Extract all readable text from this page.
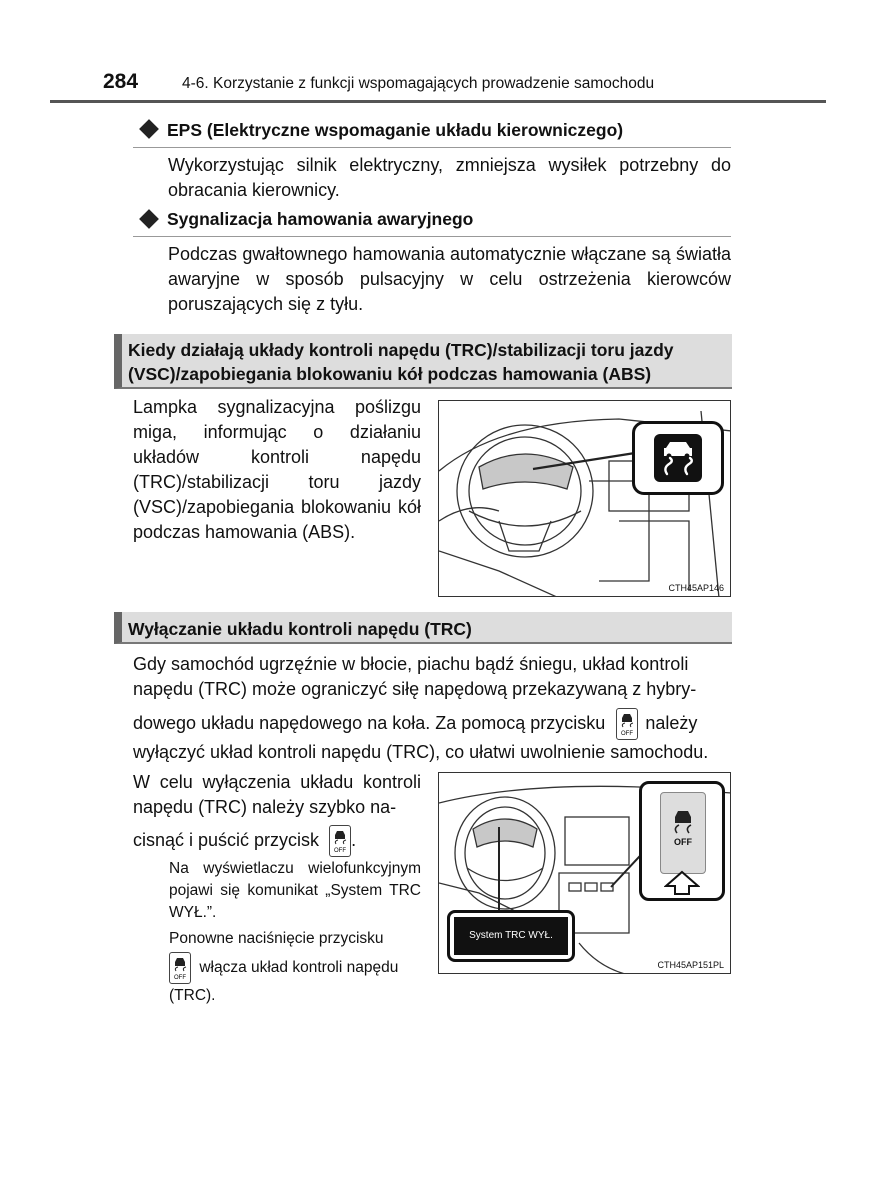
284	4-6. Korzystanie z funkcji wspomagających prowadzenie samochodu
EPS (Elektryczne wspomaganie układu kierowniczego)
Wykorzystując silnik elektryczny, zmniejsza wysiłek potrzebny do obracania kierownicy.
Sygnalizacja hamowania awaryjnego
Podczas gwałtownego hamowania automatycznie włączane są światła awaryjne w sposób pulsacyjny w celu ostrzeżenia kierowców poruszających się z tyłu.
Kiedy działają układy kontroli napędu (TRC)/stabilizacji toru jazdy
(VSC)/zapobiegania blokowaniu kół podczas hamowania (ABS)
Lampka sygnalizacyjna poślizgu miga, informując o działaniu układów kontroli napędu (TRC)/stabilizacji toru jazdy (VSC)/zapobiegania blokowaniu kół podczas hamowania (ABS).
CTH45AP146
Wyłączanie układu kontroli napędu (TRC)
Gdy samochód ugrzęźnie w błocie, piachu bądź śniegu, układ kontroli
napędu (TRC) może ograniczyć siłę napędową przekazywaną z hybry-
dowego układu napędowego na koła. Za pomocą przycisku
OFF
należy
wyłączyć układ kontroli napędu (TRC), co ułatwi uwolnienie samochodu.
W celu wyłączenia układu kontroli napędu (TRC) należy szybko na-
cisnąć i puścić przycisk
OFF
.
Na wyświetlaczu wielofunkcyjnym pojawi się komunikat „System TRC WYŁ.”.
Ponowne naciśnięcie przycisku
OFF
włącza układ kontroli napędu
(TRC).
OFF
System TRC WYŁ.
CTH45AP151PL
